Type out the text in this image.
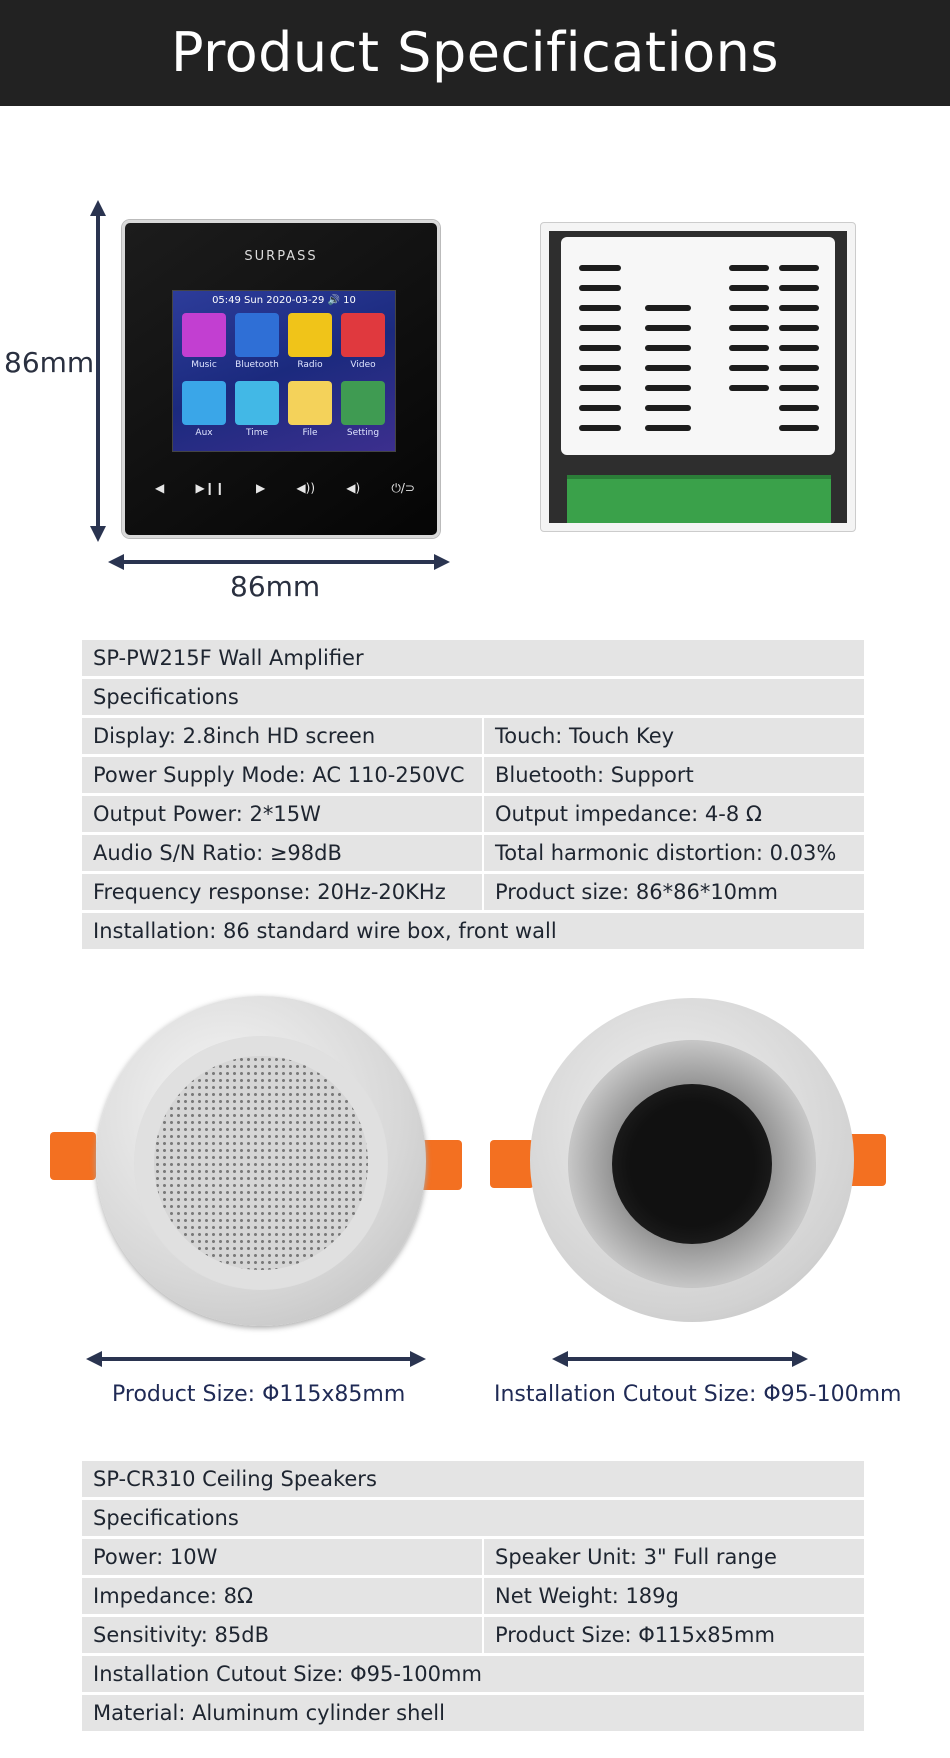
Product Specifications
86mm
86mm
SURPASS
05:49 Sun 2020-03-29 🔊 10
Music	Bluetooth	Radio	Video
Aux	Time	File	Setting
◀	▶❙❙	▶	◀))	◀)	⏻/⊃
SP-PW215F Wall Amplifier
Specifications
Display: 2.8inch HD screen	Touch: Touch Key
Power Supply Mode: AC 110-250VC	Bluetooth: Support
Output Power: 2*15W	Output impedance: 4-8 Ω
Audio S/N Ratio: ≥98dB	Total harmonic distortion: 0.03%
Frequency response: 20Hz-20KHz	Product size: 86*86*10mm
Installation: 86 standard wire box, front wall
Product Size: Φ115x85mm	Installation Cutout Size: Φ95-100mm
SP-CR310 Ceiling Speakers
Specifications
Power: 10W	Speaker Unit: 3" Full range
Impedance: 8Ω	Net Weight: 189g
Sensitivity: 85dB	Product Size: Φ115x85mm
Installation Cutout Size: Φ95-100mm
Material: Aluminum cylinder shell
